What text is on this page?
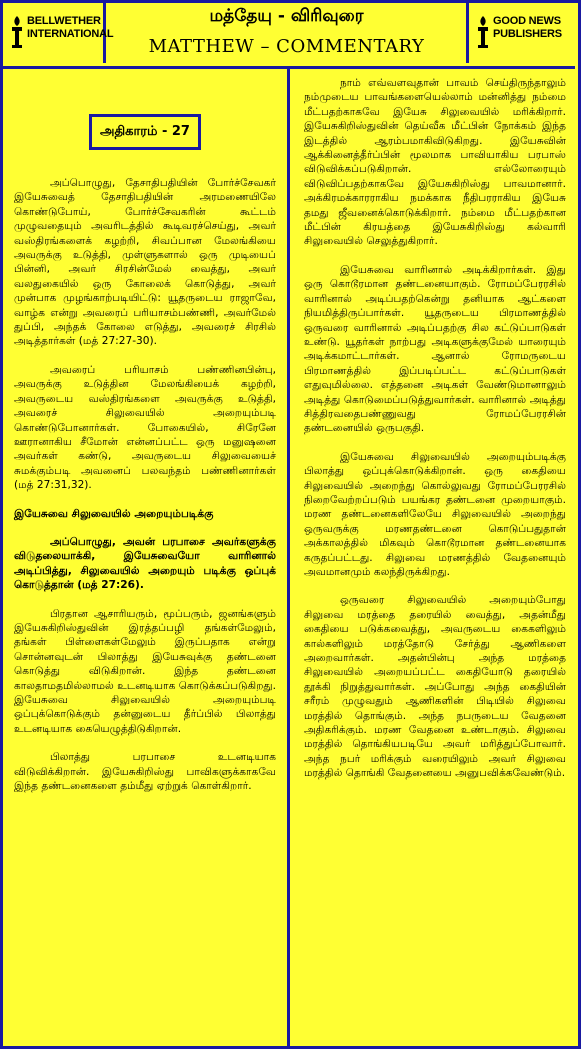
BELLWETHER INTERNATIONAL
மத்தேயு - விரிவுரை
MATTHEW – COMMENTARY
GOOD NEWS PUBLISHERS
அதிகாரம் - 27

அப்பொழுது, தேசாதிபதியின் போர்ச்சேவகர் இயேசுவைத் தேசாதிபதியின் அரமணையிலே கொண்டுபோய், போர்ச்சேவகரின் கூட்டம் முழுவதையும் அவரிடத்தில் கூடிவரச்செய்து, அவர் வஸ்திரங்களைக் கழற்றி, சிவப்பான மேலங்கியை அவருக்கு உடுத்தி, முள்ளுகளால் ஒரு முடியைப் பின்னி, அவர் சிரசின்மேல் வைத்து, அவர் வலதுகையில் ஒரு கோலைக் கொடுத்து, அவர் முன்பாக முழங்காற்படியிட்டு: யூதருடைய ராஜாவே, வாழ்க என்று அவரைப் பரியாசம்பண்ணி, அவர்மேல் துப்பி, அந்தக் கோலை எடுத்து, அவரைச் சிரசில் அடித்தார்கள் (மத் 27:27-30).

அவரைப் பரியாசம் பண்ணினபின்பு, அவருக்கு உடுத்தின மேலங்கியைக் கழற்றி, அவருடைய வஸ்திரங்களை அவருக்கு உடுத்தி, அவரைச் சிலுவையில் அறையும்படி கொண்டுபோனார்கள். போகையில், சிரேனே ஊரானாகிய சீமோன் என்னப்பட்ட ஒரு மனுஷனை அவர்கள் கண்டு, அவருடைய சிலுவையைச் சுமக்கும்படி அவனைப் பலவந்தம் பண்ணினார்கள் (மத் 27:31,32).

இயேசுவை சிலுவையில் அறையும்படிக்கு

அப்பொழுது, அவன் பரபாசை அவர்களுக்கு விடுதலையாக்கி, இயேசுவையோ வாரினால் அடிப்பித்து, சிலுவையில் அறையும் படிக்கு ஒப்புக் கொடுத்தான் (மத் 27:26).

பிரதான ஆசாரியரும், மூப்பரும், ஜனங்களும் இயேசுகிறிஸ்துவின் இரத்தப்பழி தங்கள்மேலும், தங்கள் பிள்ளைகள்மேலும் இருப்பதாக என்று சொன்னவுடன் பிலாத்து இயேசுவுக்கு தண்டனை கொடுத்து விடுகிறான். இந்த தண்டனை காலதாமதமில்லாமல் உடனடியாக கொடுக்கப்படுகிறது. இயேசுவை சிலுவையில் அறையும்படி ஒப்புக்கொடுக்கும் தன்னுடைய தீர்ப்பில் பிலாத்து உடனடியாக கையெழுத்திடுகிறான்.

பிலாத்து பரபாசை உடனடியாக விடுவிக்கிறான். இயேசுகிறிஸ்து பாவிகளுக்காகவே இந்த தண்டனைகளை தம்மீது ஏற்றுக் கொள்கிறார்.

நாம் எவ்வளவுதான் பாவம் செய்திருந்தாலும் நம்முடைய பாவங்களையெல்லாம் மன்னித்து நம்மை மீட்பதற்காகவே இயேசு சிலுவையில் மரிக்கிறார். இயேசுகிறிஸ்துவின் தெய்வீக மீட்பின் நோக்கம் இந்த இடத்தில் ஆரம்பமாகிவிடுகிறது. இயேசுவின் ஆக்கினைத்தீர்ப்பின் மூலமாக பாவியாகிய பரபாஸ் விடுவிக்கப்படுகிறான். எல்லோரையும் விடுவிப்பதற்காகவே இயேசுகிறிஸ்து பாவமானார். அக்கிரமக்காரராகிய நமக்காக நீதிபரராகிய இயேசு தமது ஜீவனைக்கொடுக்கிறார். நம்மை மீட்பதற்கான மீட்பின் கிரயத்தை இயேசுகிறிஸ்து கல்வாரி சிலுவையில் செலுத்துகிறார்.

இயேசுவை வாரினால் அடிக்கிறார்கள். இது ஒரு கொடூரமான தண்டனையாகும். ரோமப்பேரரசில் வாரினால் அடிப்பதற்கென்று தனியாக ஆட்களை நியமித்திருப்பார்கள். யூதருடைய பிரமாணத்தில் ஒருவரை வாரினால் அடிப்பதற்கு சில கட்டுப்பாடுகள் உண்டு. யூதர்கள் நாற்பது அடிகளுக்குமேல் யாரையும் அடிக்கமாட்டார்கள். ஆனால் ரோமருடைய பிரமாணத்தில் இப்படிப்பட்ட கட்டுப்பாடுகள் எதுவுமில்லை. எத்தனை அடிகள் வேண்டுமானாலும் அடித்து கொடுமைப்படுத்துவார்கள். வாரினால் அடித்து சித்திரவதைபண்ணுவது ரோமப்பேரரசின் தண்டனையில் ஒருபகுதி.

இயேசுவை சிலுவையில் அறையும்படிக்கு பிலாத்து ஒப்புக்கொடுக்கிறான். ஒரு கைதியை சிலுவையில் அறைந்து கொல்லுவது ரோமப்பேரரசில் நிறைவேற்றப்படும் பயங்கர தண்டனை முறையாகும். மரண தண்டனைகளிலேயே சிலுவையில் அறைந்து ஒருவருக்கு மரணதண்டனை கொடுப்பதுதான் அக்காலத்தில் மிகவும் கொடூரமான தண்டனையாக கருதப்பட்டது. சிலுவை மரணத்தில் வேதனையும் அவமானமும் கலந்திருக்கிறது.

ஒருவரை சிலுவையில் அறையும்போது சிலுவை மரத்தை தரையில் வைத்து, அதன்மீது கைதியை படுக்கவைத்து, அவருடைய கைகளிலும் கால்களிலும் மரத்தோடு சேர்த்து ஆணிகளை அறைவார்கள். அதன்பின்பு அந்த மரத்தை சிலுவையில் அறையப்பட்ட கைதியோடு தரையில் தூக்கி நிறுத்துவார்கள். அப்போது அந்த கைதியின் சரீரம் முழுவதும் ஆணிகளின் பிடியில் சிலுவை மரத்தில் தொங்கும். அந்த நபருடைய வேதனை அதிகரிக்கும். மரண வேதனை உண்டாகும். சிலுவை மரத்தில் தொங்கியபடியே அவர் மரித்துப்போவார். அந்த நபர் மரிக்கும் வரையிலும் அவர் சிலுவை மரத்தில் தொங்கி வேதனையை அனுபவிக்கவேண்டும்.
